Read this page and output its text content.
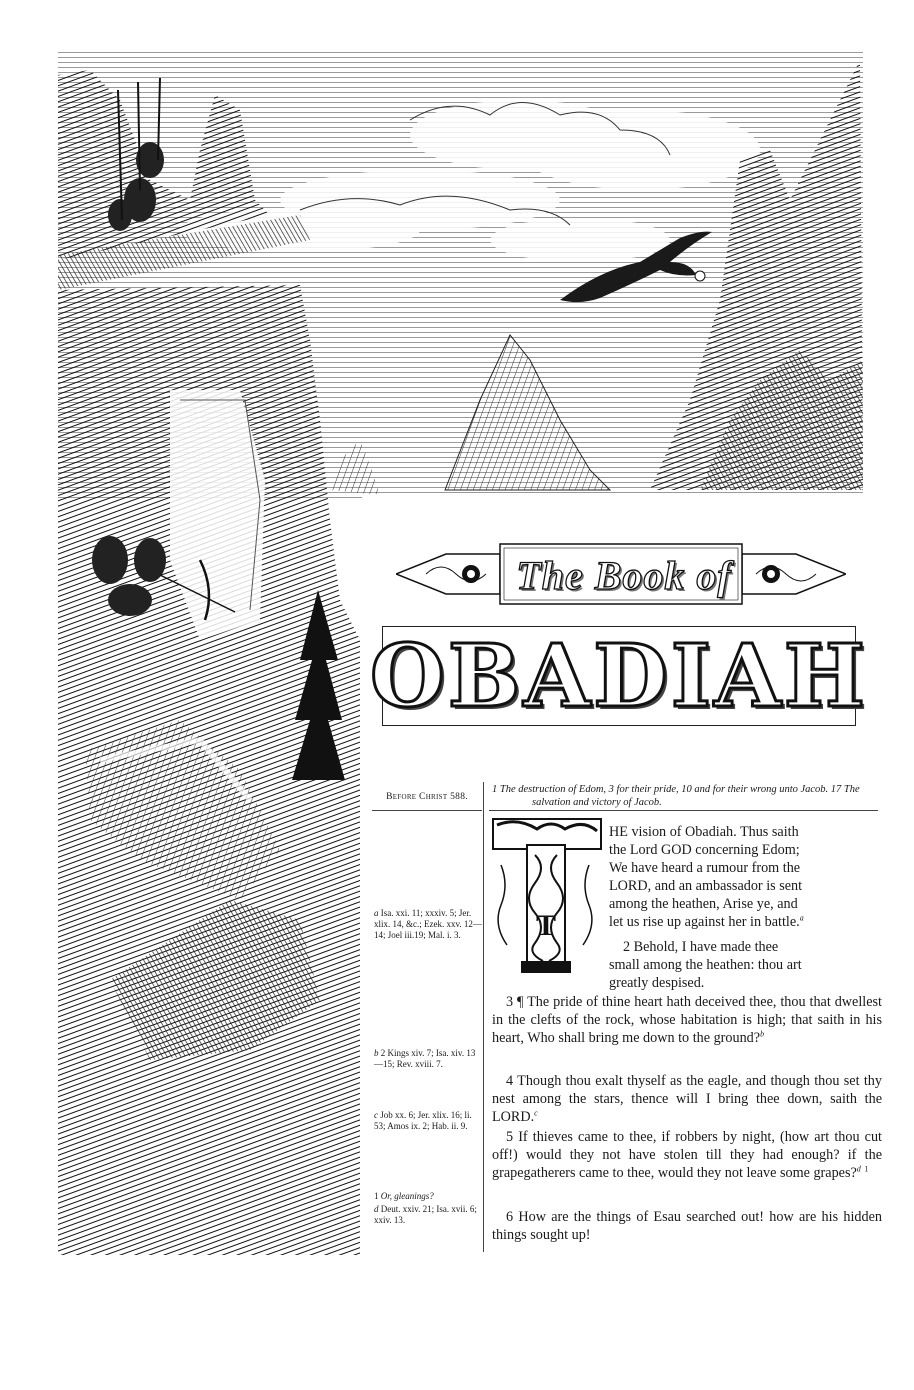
The Book of
OBADIAH
Before Christ 588.
a Isa. xxi. 11; xxxiv. 5; Jer. xlix. 14, &c.; Ezek. xxv. 12—14; Joel iii.19; Mal. i. 3.
b 2 Kings xiv. 7; Isa. xiv. 13—15; Rev. xviii. 7.
c Job xx. 6; Jer. xlix. 16; li. 53; Amos ix. 2; Hab. ii. 9.
1 Or, gleanings?
d Deut. xxiv. 21; Isa. xvii. 6; xxiv. 13.
1 The destruction of Edom, 3 for their pride, 10 and for their wrong unto Jacob. 17 The salvation and victory of Jacob.
T
HE vision of Obadiah. Thus saith
the Lord GOD concerning Edom;
We have heard a rumour from the
LORD, and an ambassador is sent
among the heathen, Arise ye, and
let us rise up against her in battle.$^a$
2 Behold, I have made thee
small among the heathen: thou art
greatly despised.
3 ¶ The pride of thine heart hath deceived thee, thou that dwellest in the clefts of the rock, whose habitation is high; that saith in his heart, Who shall bring me down to the ground?$^b$
4 Though thou exalt thyself as the eagle, and though thou set thy nest among the stars, thence will I bring thee down, saith the LORD.$^c$
5 If thieves came to thee, if robbers by night, (how art thou cut off!) would they not have stolen till they had enough? if the grapegatherers came to thee, would they not leave some grapes?$^d$ $^1$
6 How are the things of Esau searched out! how are his hidden things sought up!
